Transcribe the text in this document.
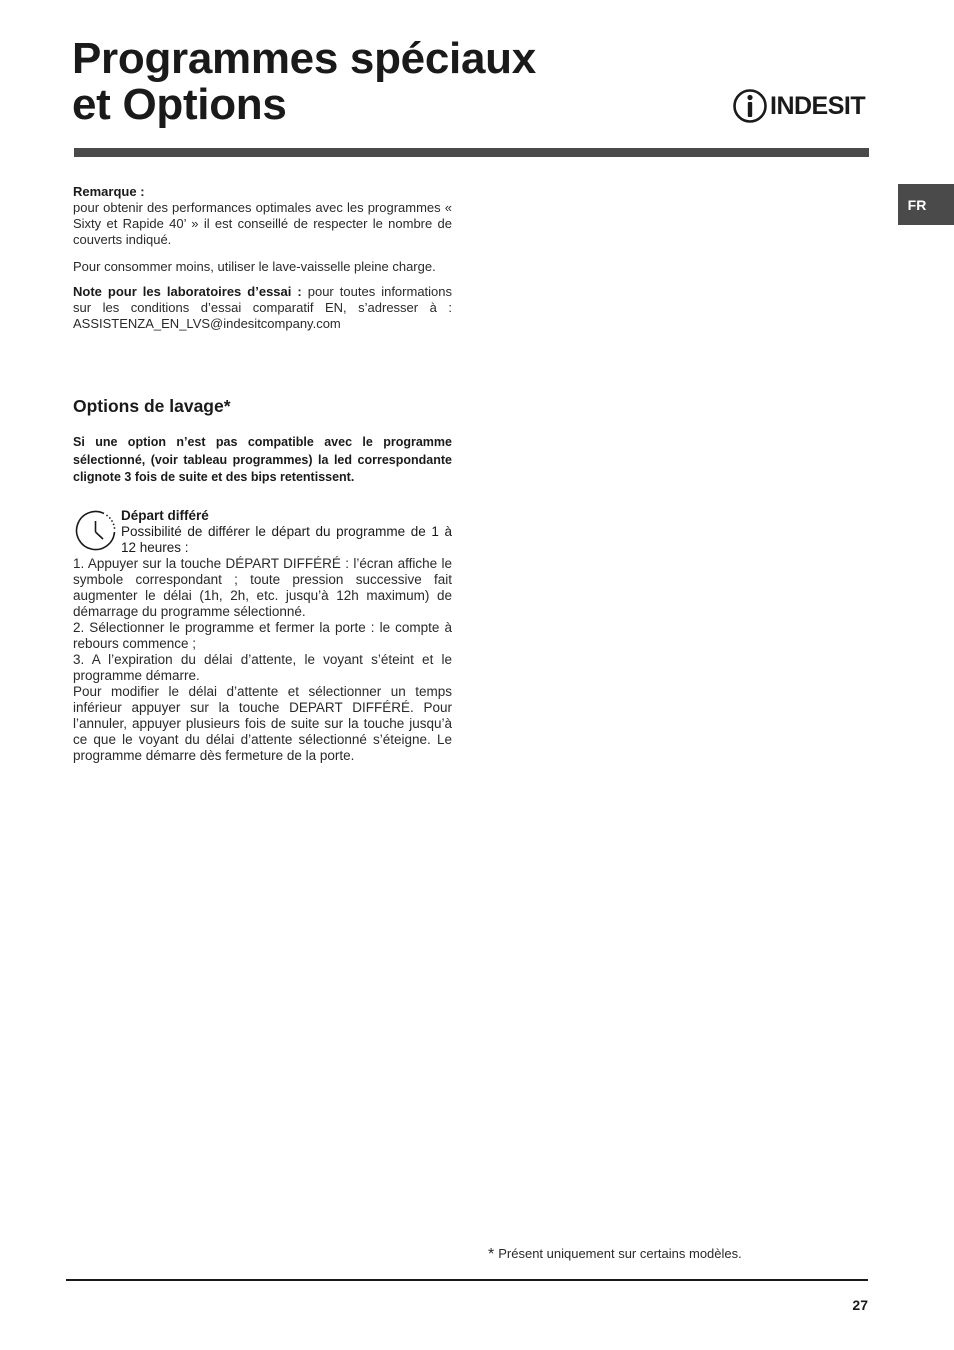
Programmes spéciaux
et Options	INDESIT
FR

Remarque :

pour obtenir des performances optimales avec les programmes « Sixty et Rapide 40’ » il est conseillé de respecter le nombre de couverts indiqué.

Pour consommer moins, utiliser le lave-vaisselle pleine charge.

Note pour les laboratoires d’essai : pour toutes informations sur les conditions d’essai comparatif EN, s’adresser à : ASSISTENZA_EN_LVS@indesitcompany.com

Options de lavage*
Si une option n’est pas compatible avec le programme sélectionné, (voir tableau programmes) la led correspondante clignote 3 fois de suite et des bips retentissent.

Départ différé

Possibilité de différer le départ du programme de 1 à 12 heures :

1. Appuyer sur la touche DÉPART DIFFÉRÉ : l’écran affiche le symbole correspondant ; toute pression successive fait augmenter le délai (1h, 2h, etc. jusqu’à 12h maximum) de démarrage du programme sélectionné.

2. Sélectionner le programme et fermer la porte : le compte à rebours commence ;

3. A l’expiration du délai d’attente, le voyant s’éteint et le programme démarre.

Pour modifier le délai d’attente et sélectionner un temps inférieur appuyer sur la touche DEPART DIFFÉRÉ. Pour l’annuler, appuyer plusieurs fois de suite sur la touche jusqu’à ce que le voyant du délai d’attente sélectionné s’éteigne. Le programme démarre dès fermeture de la porte.

* Présent uniquement sur certains modèles.
27
